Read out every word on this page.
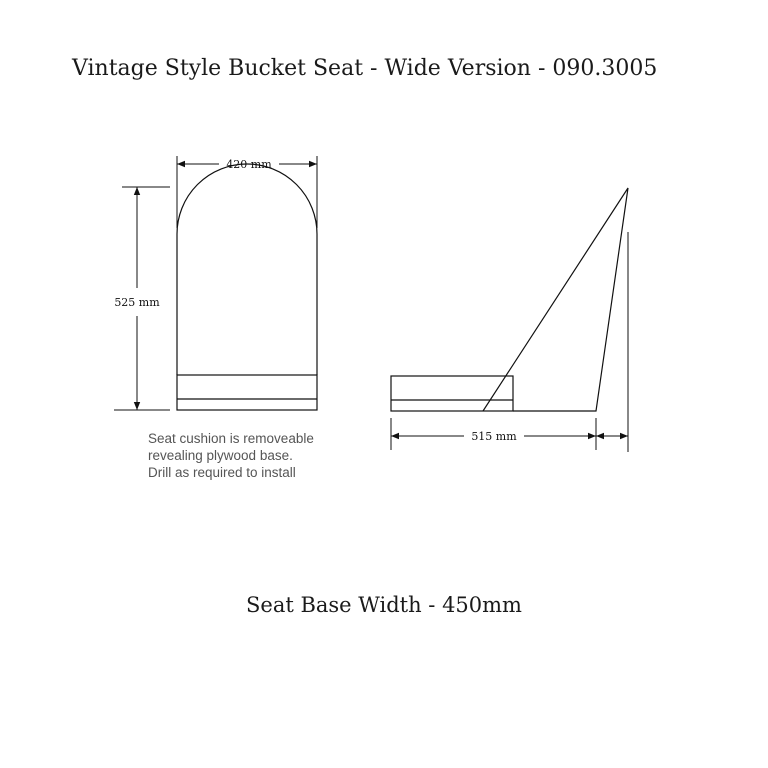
Vintage Style Bucket Seat - Wide Version - 090.3005
420 mm
525 mm
515 mm
Seat cushion is removeable
revealing plywood base.
Drill as required to install
Seat Base Width - 450mm
